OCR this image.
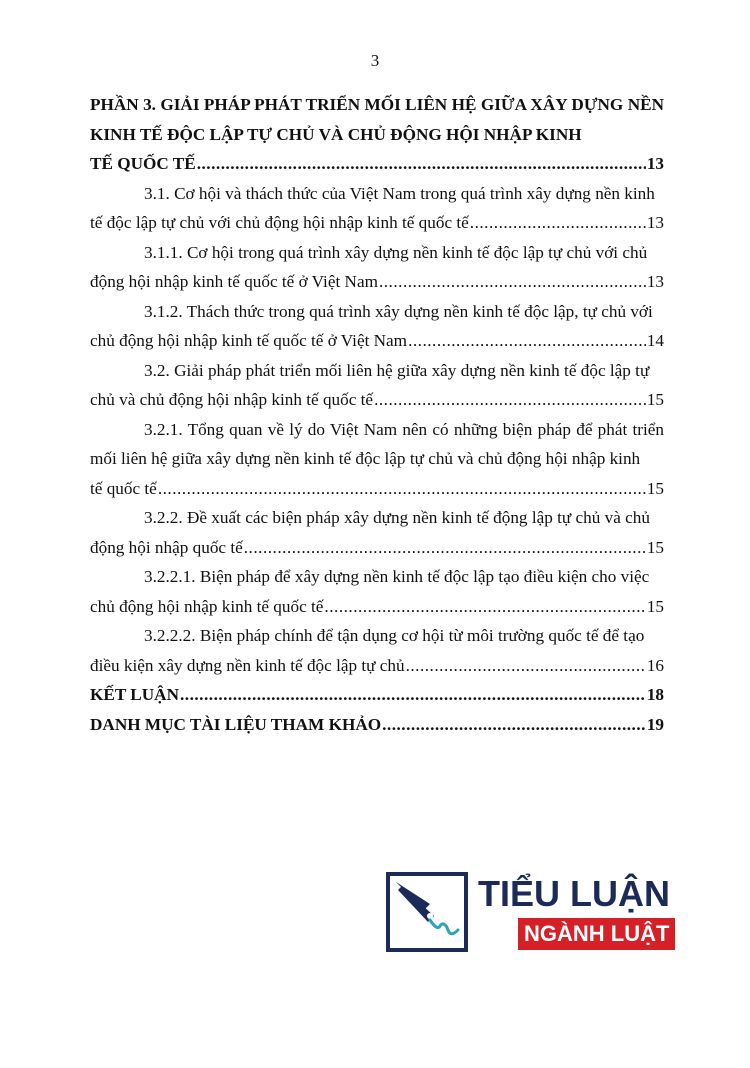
3
PHẦN 3. GIẢI PHÁP PHÁT TRIỂN MỐI LIÊN HỆ GIỮA XÂY DỰNG NỀN KINH TẾ ĐỘC LẬP TỰ CHỦ VÀ CHỦ ĐỘNG HỘI NHẬP KINH
TẾ QUỐC TẾ .....	13
3.1. Cơ hội và thách thức của Việt Nam trong quá trình xây dựng nền kinh
tế độc lập tự chủ với chủ động hội nhập kinh tế quốc tế .....	13
3.1.1. Cơ hội trong quá trình xây dựng nền kinh tế độc lập tự chủ với chủ
động hội nhập kinh tế quốc tế ở Việt Nam .....	13
3.1.2. Thách thức trong quá trình xây dựng nền kinh tế độc lập, tự chủ với
chủ động hội nhập kinh tế quốc tế ở Việt Nam .....	14
3.2. Giải pháp phát triển mối liên hệ giữa xây dựng nền kinh tế độc lập tự
chủ và chủ động hội nhập kinh tế quốc tế .....	15
3.2.1. Tổng quan về lý do Việt Nam nên có những biện pháp để phát triển mối liên hệ giữa xây dựng nền kinh tế độc lập tự chủ và chủ động hội nhập kinh
tế quốc tế .....	15
3.2.2. Đề xuất các biện pháp xây dựng nền kinh tế động lập tự chủ và chủ
động hội nhập quốc tế .....	15
3.2.2.1. Biện pháp để xây dựng nền kinh tế độc lập tạo điều kiện cho việc
chủ động hội nhập kinh tế quốc tế .....	15
3.2.2.2. Biện pháp chính để tận dụng cơ hội từ môi trường quốc tế để tạo
điều kiện xây dựng nền kinh tế độc lập tự chủ .....	16
KẾT LUẬN .....	18
DANH MỤC TÀI LIỆU THAM KHẢO .....	19
TIỂU LUẬN
NGÀNH LUẬT
